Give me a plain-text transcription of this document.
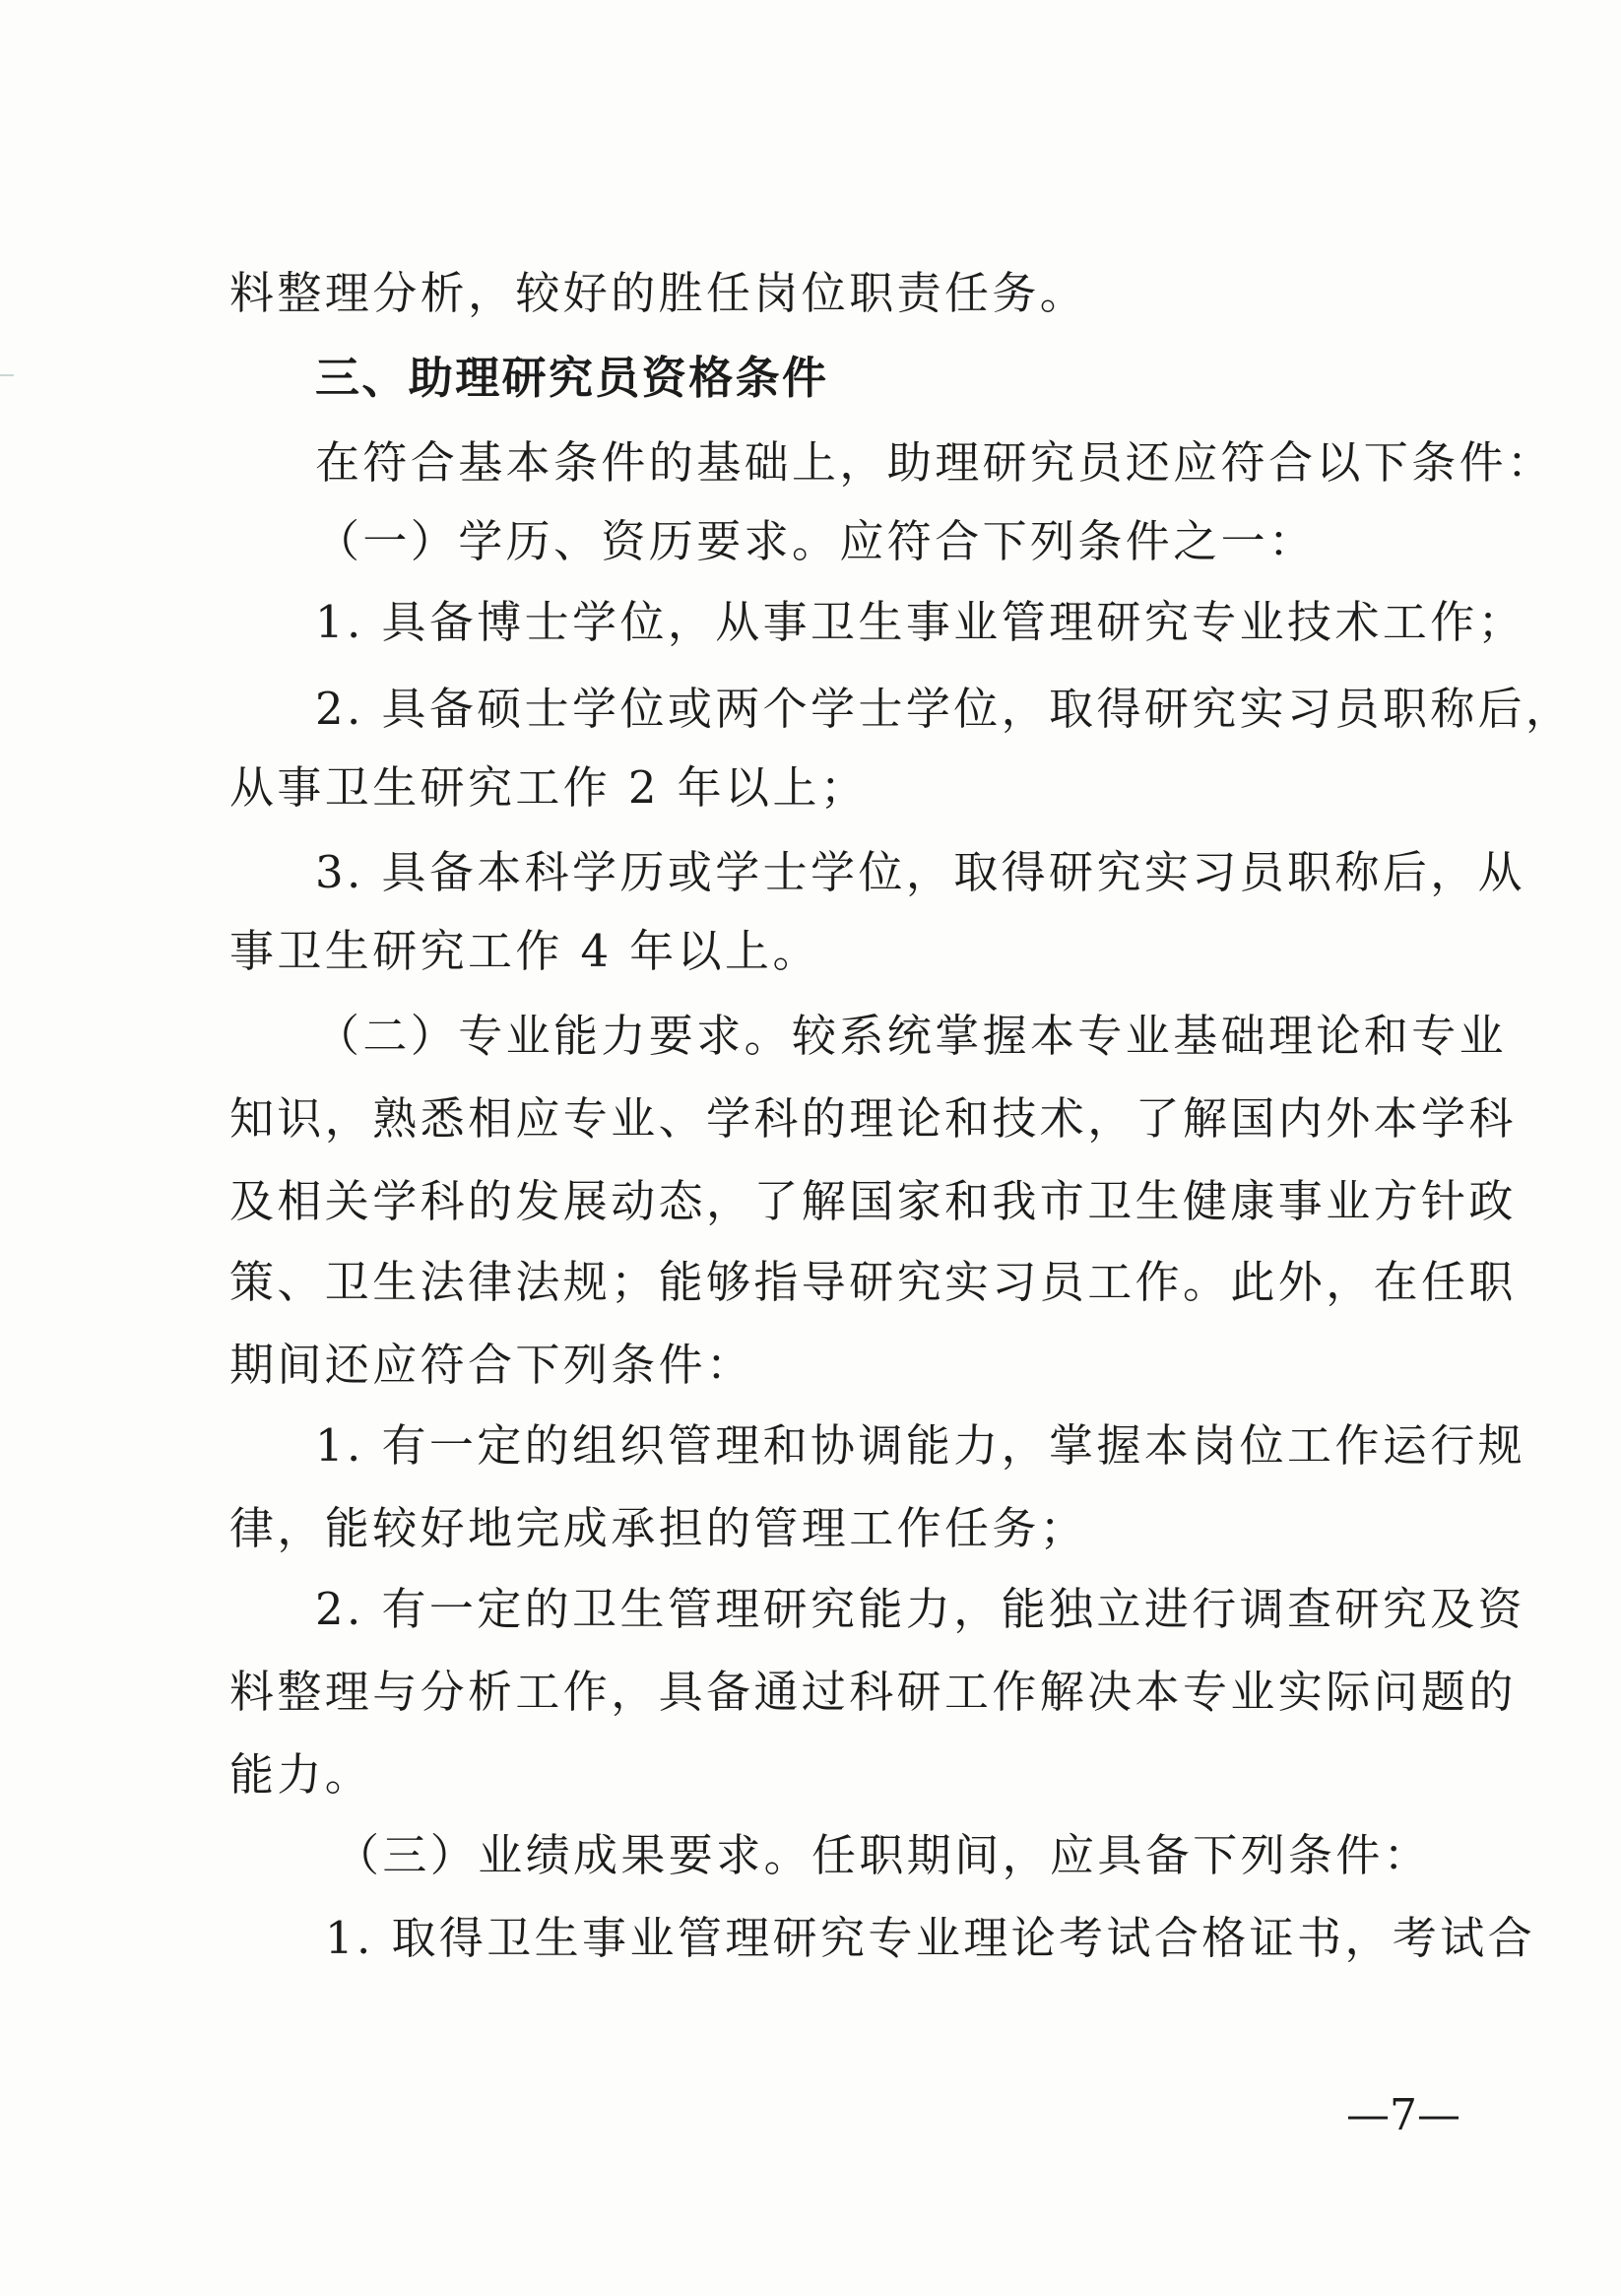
料整理分析，较好的胜任岗位职责任务。
三、助理研究员资格条件
在符合基本条件的基础上，助理研究员还应符合以下条件：
（一）学历、资历要求。应符合下列条件之一：
1. 具备博士学位，从事卫生事业管理研究专业技术工作；
2. 具备硕士学位或两个学士学位，取得研究实习员职称后，
从事卫生研究工作 2 年以上；
3. 具备本科学历或学士学位，取得研究实习员职称后，从
事卫生研究工作 4 年以上。
（二）专业能力要求。较系统掌握本专业基础理论和专业
知识，熟悉相应专业、学科的理论和技术，了解国内外本学科
及相关学科的发展动态，了解国家和我市卫生健康事业方针政
策、卫生法律法规；能够指导研究实习员工作。此外，在任职
期间还应符合下列条件：
1. 有一定的组织管理和协调能力，掌握本岗位工作运行规
律，能较好地完成承担的管理工作任务；
2. 有一定的卫生管理研究能力，能独立进行调查研究及资
料整理与分析工作，具备通过科研工作解决本专业实际问题的
能力。
（三）业绩成果要求。任职期间，应具备下列条件：
1. 取得卫生事业管理研究专业理论考试合格证书，考试合
—7—
